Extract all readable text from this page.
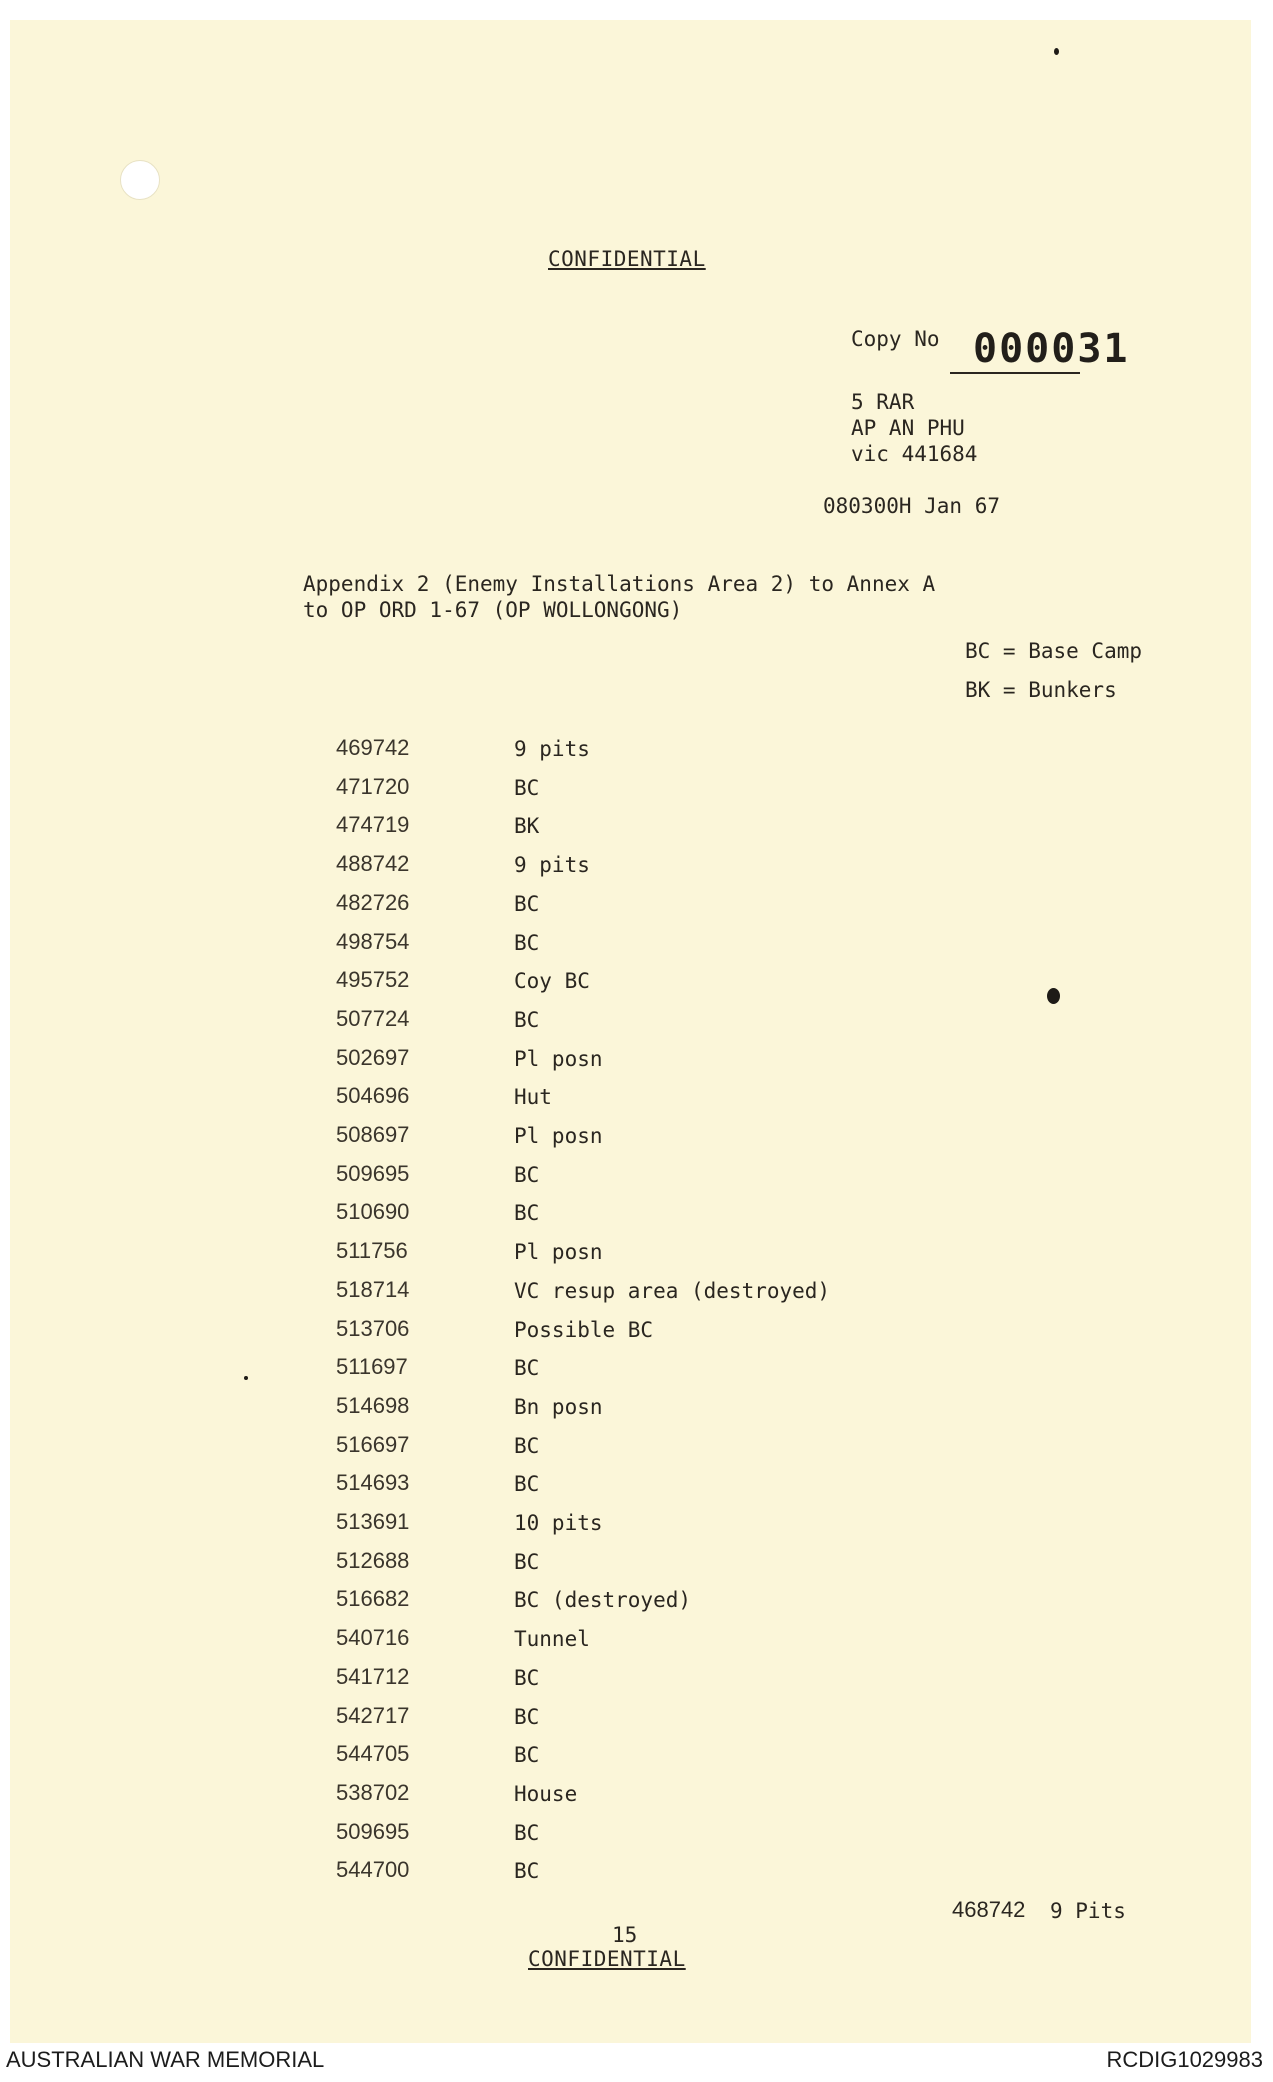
CONFIDENTIAL
Copy No 000031
5 RAR
AP AN PHU
vic 441684
080300H Jan 67
Appendix 2 (Enemy Installations Area 2) to Annex A
to OP ORD 1-67 (OP WOLLONGONG)
BC = Base Camp
BK = Bunkers
469742	9 pits
471720	BC
474719	BK
488742	9 pits
482726	BC
498754	BC
495752	Coy BC
507724	BC
502697	Pl posn
504696	Hut
508697	Pl posn
509695	BC
510690	BC
511756	Pl posn
518714	VC resup area (destroyed)
513706	Possible BC
511697	BC
514698	Bn posn
516697	BC
514693	BC
513691	10 pits
512688	BC
516682	BC (destroyed)
540716	Tunnel
541712	BC
542717	BC
544705	BC
538702	House
509695	BC
544700	BC
468742 9 Pits
15
CONFIDENTIAL
AUSTRALIAN WAR MEMORIAL	RCDIG1029983
